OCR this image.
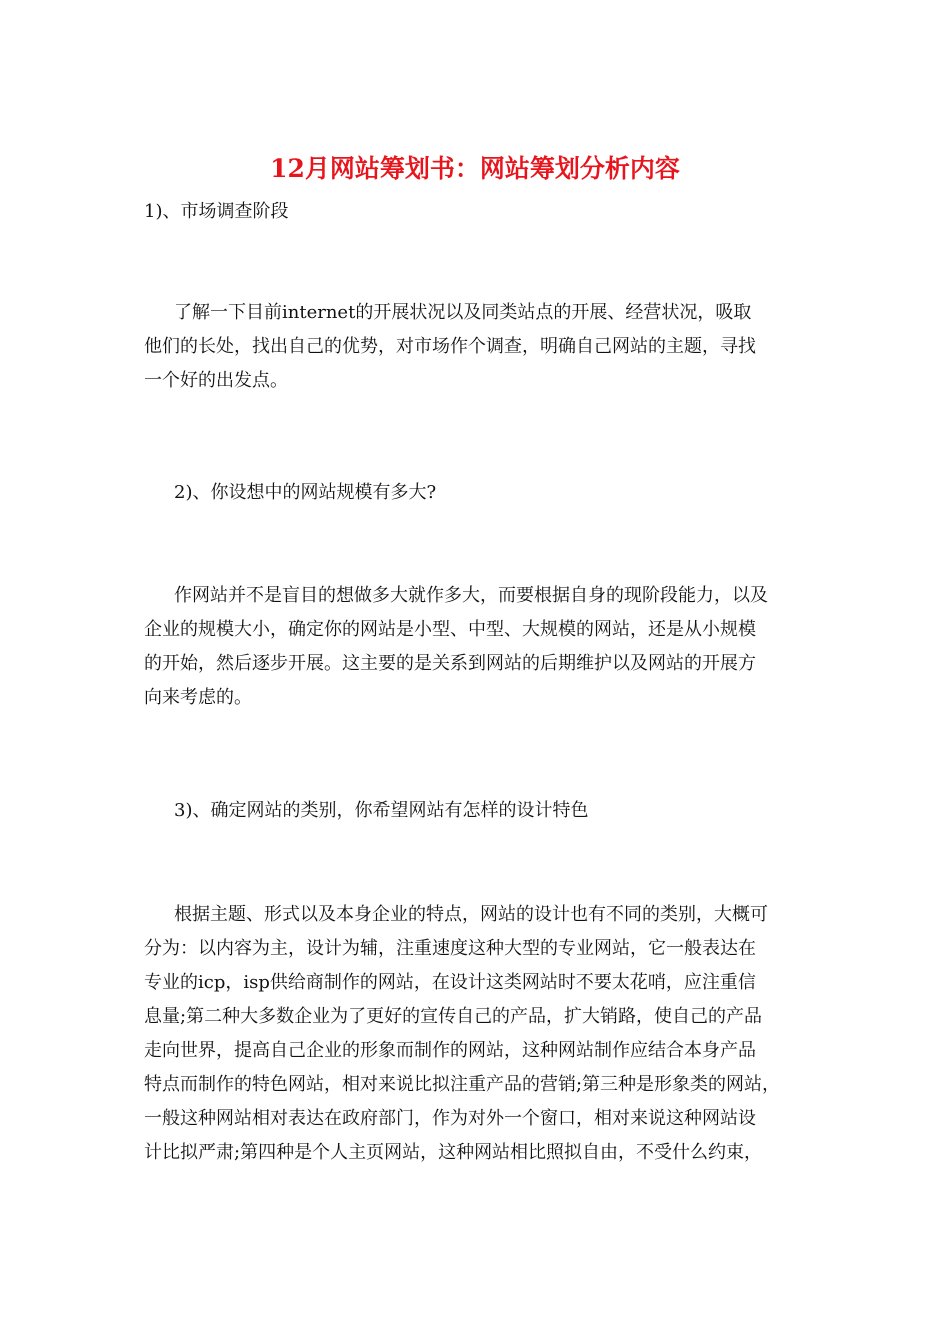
12月网站筹划书：网站筹划分析内容
1)、市场调查阶段
了解一下目前internet的开展状况以及同类站点的开展、经营状况，吸取
他们的长处，找出自己的优势，对市场作个调查，明确自己网站的主题，寻找
一个好的出发点。
2)、你设想中的网站规模有多大?
作网站并不是盲目的想做多大就作多大，而要根据自身的现阶段能力，以及
企业的规模大小，确定你的网站是小型、中型、大规模的网站，还是从小规模
的开始，然后逐步开展。这主要的是关系到网站的后期维护以及网站的开展方
向来考虑的。
3)、确定网站的类别，你希望网站有怎样的设计特色
根据主题、形式以及本身企业的特点，网站的设计也有不同的类别，大概可
分为：以内容为主，设计为辅，注重速度这种大型的专业网站，它一般表达在
专业的icp，isp供给商制作的网站，在设计这类网站时不要太花哨，应注重信
息量;第二种大多数企业为了更好的宣传自己的产品，扩大销路，使自己的产品
走向世界，提高自己企业的形象而制作的网站，这种网站制作应结合本身产品
特点而制作的特色网站，相对来说比拟注重产品的营销;第三种是形象类的网站，
一般这种网站相对表达在政府部门，作为对外一个窗口，相对来说这种网站设
计比拟严肃;第四种是个人主页网站，这种网站相比照拟自由，不受什么约束，
